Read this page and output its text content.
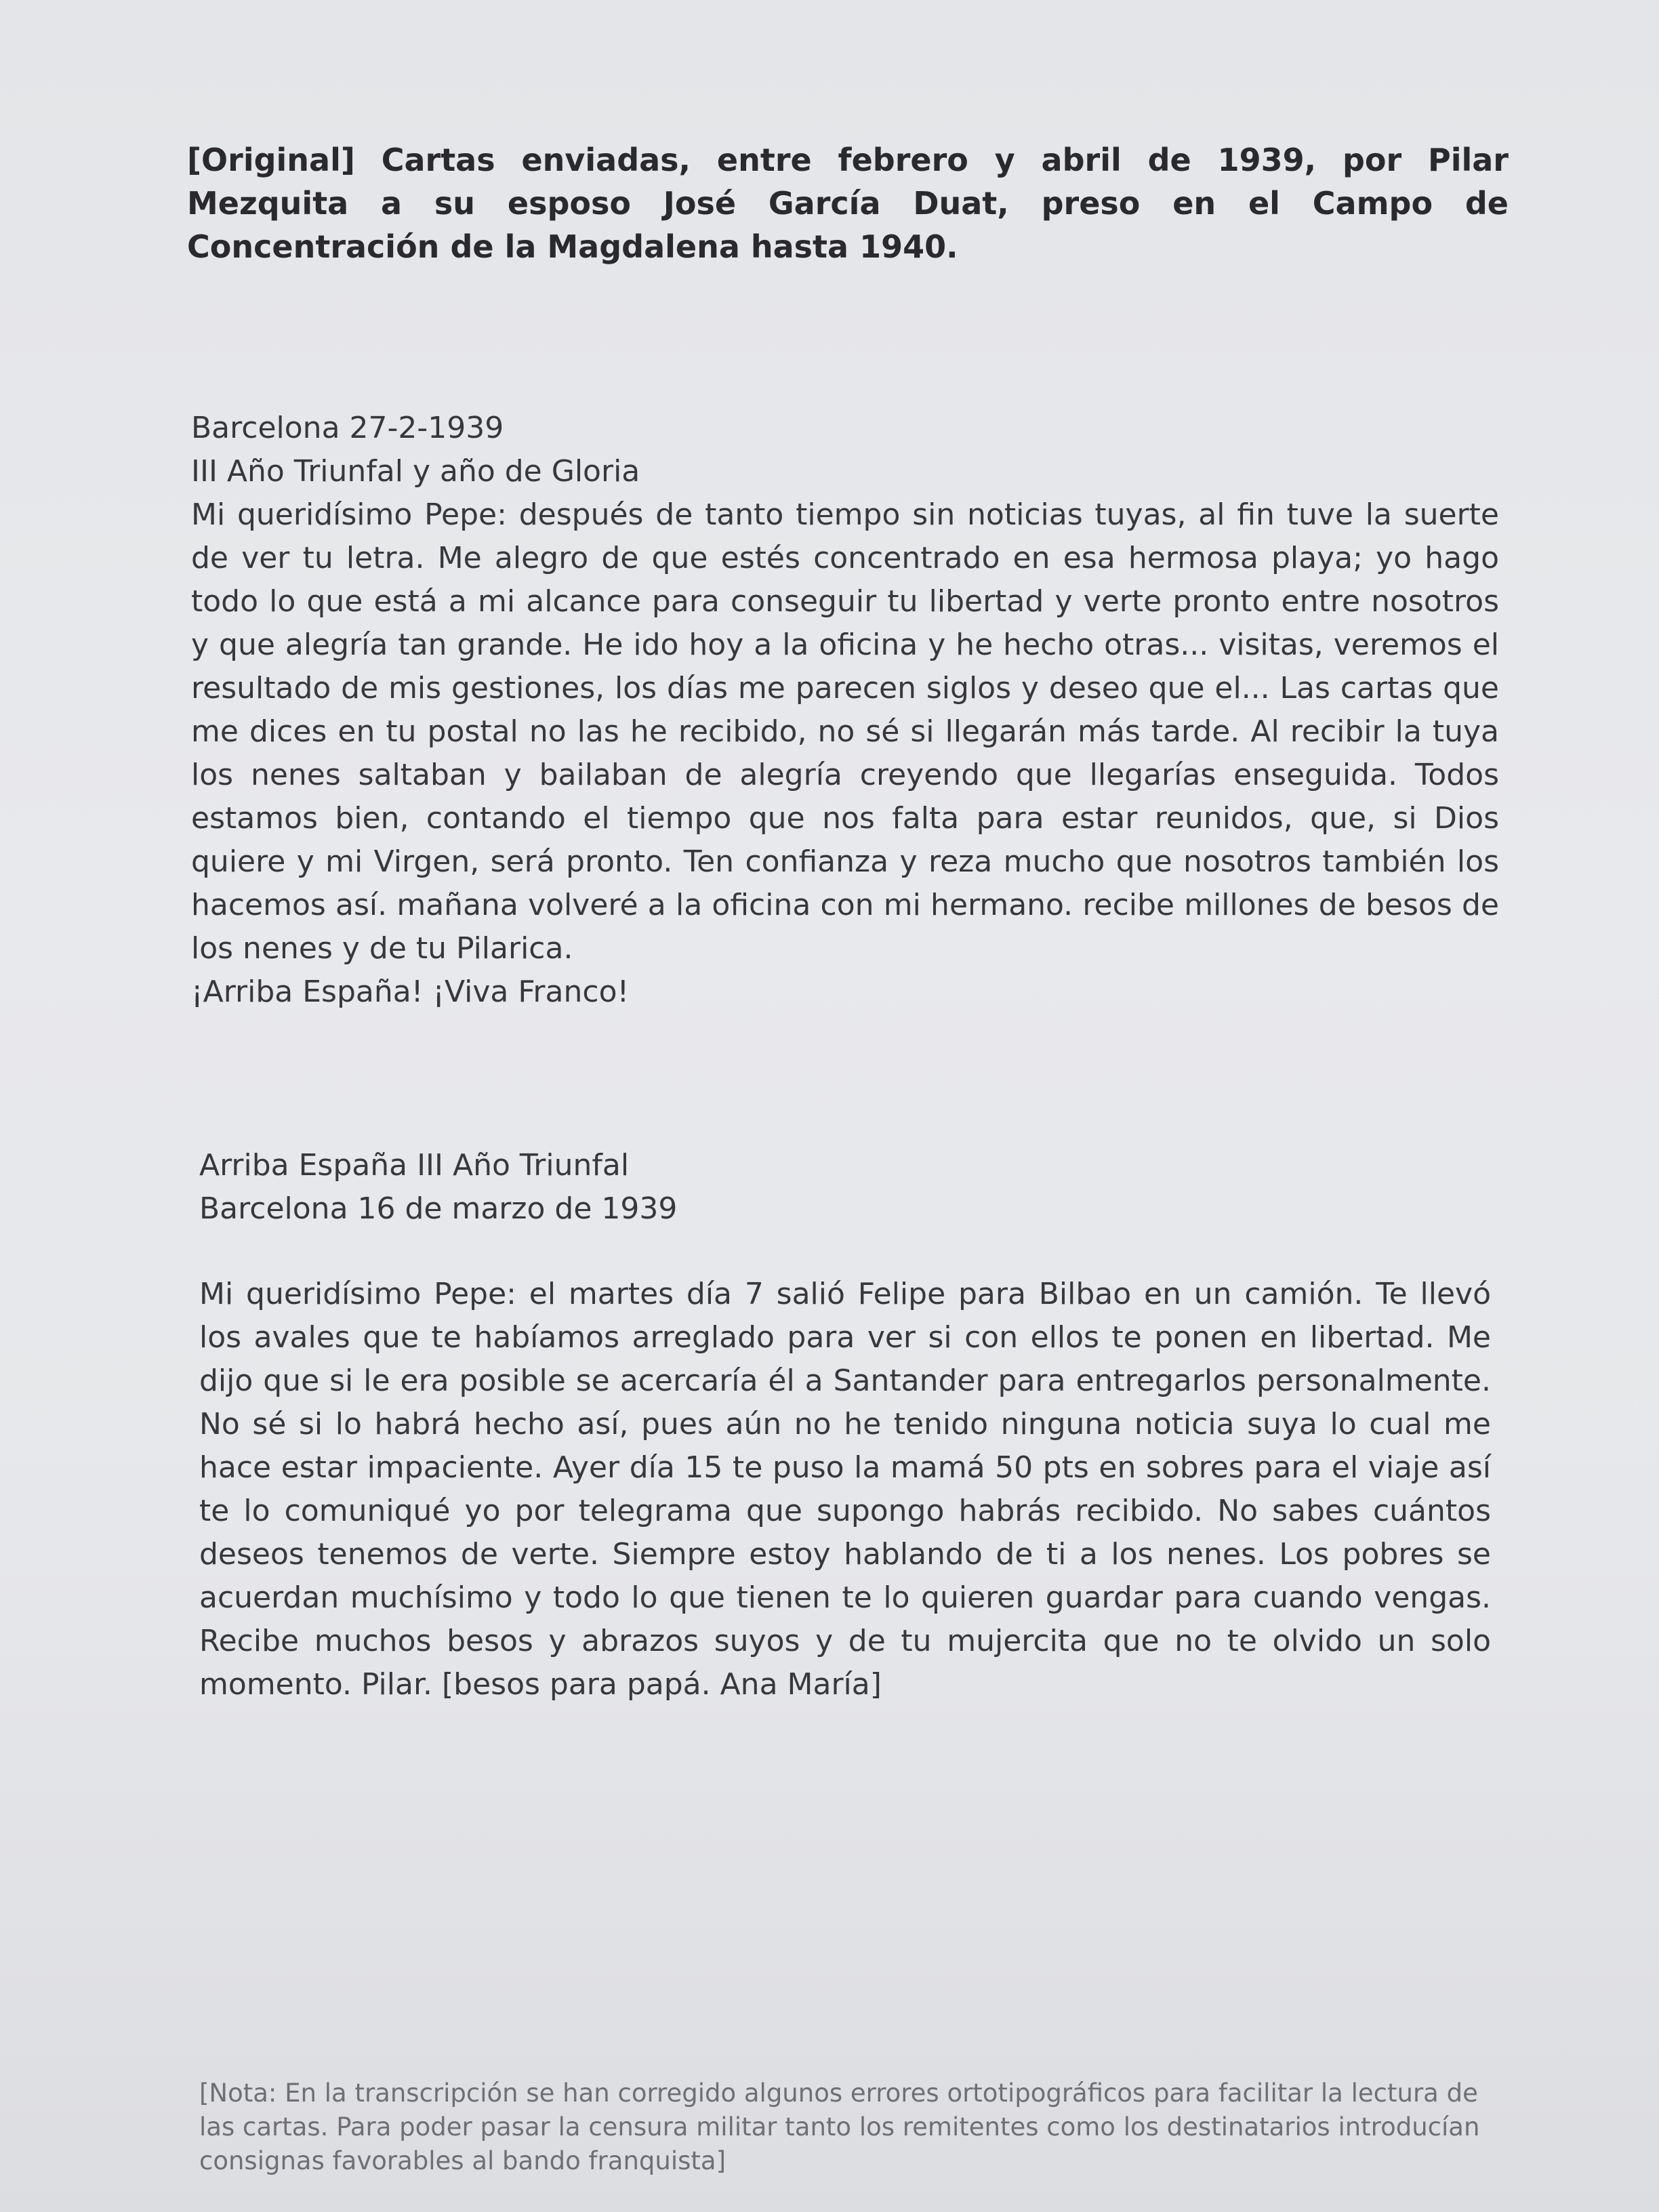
[Original] Cartas enviadas, entre febrero y abril de 1939, por Pilar Mezquita a su esposo José García Duat, preso en el Campo de Concentración de la Magdalena hasta 1940.

Barcelona 27-2-1939

III Año Triunfal y año de Gloria

Mi queridísimo Pepe: después de tanto tiempo sin noticias tuyas, al fin tuve la suerte de ver tu letra. Me alegro de que estés concentrado en esa hermosa playa; yo hago todo lo que está a mi alcance para conseguir tu libertad y verte pronto entre nosotros y que alegría tan grande. He ido hoy a la oficina y he hecho otras... visitas, veremos el resultado de mis gestiones, los días me parecen siglos y deseo que el... Las cartas que me dices en tu postal no las he recibido, no sé si llegarán más tarde. Al recibir la tuya los nenes saltaban y bailaban de alegría creyendo que llegarías enseguida. Todos estamos bien, contando el tiempo que nos falta para estar reunidos, que, si Dios quiere y mi Virgen, será pronto. Ten confianza y reza mucho que nosotros también los hacemos así. mañana volveré a la oficina con mi hermano. recibe millones de besos de los nenes y de tu Pilarica.

¡Arriba España! ¡Viva Franco!

Arriba España III Año Triunfal

Barcelona 16 de marzo de 1939

Mi queridísimo Pepe: el martes día 7 salió Felipe para Bilbao en un camión. Te llevó los avales que te habíamos arreglado para ver si con ellos te ponen en libertad. Me dijo que si le era posible se acercaría él a Santander para entregarlos personalmente. No sé si lo habrá hecho así, pues aún no he tenido ninguna noticia suya lo cual me hace estar impaciente. Ayer día 15 te puso la mamá 50 pts en sobres para el viaje así te lo comuniqué yo por telegrama que supongo habrás recibido. No sabes cuántos deseos tenemos de verte. Siempre estoy hablando de ti a los nenes. Los pobres se acuerdan muchísimo y todo lo que tienen te lo quieren guardar para cuando vengas. Recibe muchos besos y abrazos suyos y de tu mujercita que no te olvido un solo momento. Pilar. [besos para papá. Ana María]

[Nota: En la transcripción se han corregido algunos errores ortotipográficos para facilitar la lectura de las cartas. Para poder pasar la censura militar tanto los remitentes como los destinatarios introducían consignas favorables al bando franquista]
